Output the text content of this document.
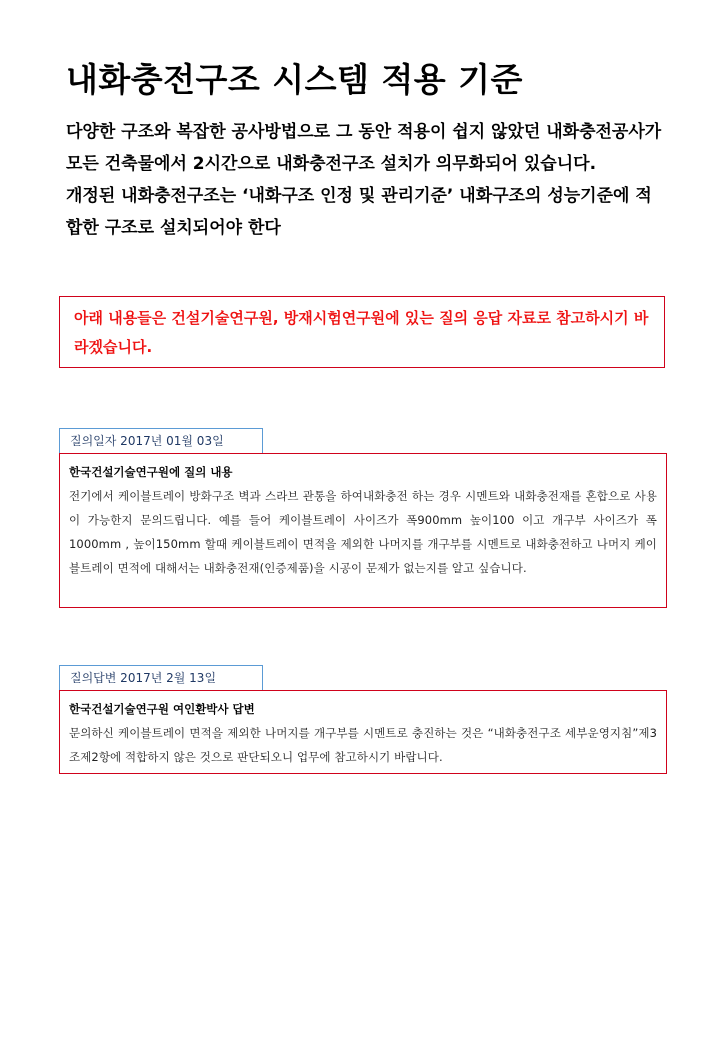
내화충전구조 시스템 적용 기준

다양한 구조와 복잡한 공사방법으로 그 동안 적용이 쉽지 않았던 내화충전공사가 모든 건축물에서 2시간으로 내화충전구조 설치가 의무화되어 있습니다.

개정된 내화충전구조는 ‘내화구조 인정 및 관리기준’ 내화구조의 성능기준에 적합한 구조로 설치되어야 한다

아래 내용들은 건설기술연구원, 방재시험연구원에 있는 질의 응답 자료로 참고하시기 바라겠습니다.

질의일자 2017년 01월 03일

한국건설기술연구원에 질의 내용

전기에서 케이블트레이 방화구조 벽과 스라브 관통을 하여내화충전 하는 경우 시멘트와 내화충전재를 혼합으로 사용이 가능한지 문의드립니다. 예를 들어 케이블트레이 사이즈가 폭900mm 높이100 이고 개구부 사이즈가 폭1000mm , 높이150mm 할때 케이블트레이 면적을 제외한 나머지를 개구부를 시멘트로 내화충전하고 나머지 케이블트레이 면적에 대해서는 내화충전재(인증제품)을 시공이 문제가 없는지를 알고 싶습니다.

질의답변 2017년 2월 13일

한국건설기술연구원 여인환박사 답변

문의하신 케이블트레이 면적을 제외한 나머지를 개구부를 시멘트로 충진하는 것은 “내화충전구조 세부운영지침”제3조제2항에 적합하지 않은 것으로 판단되오니 업무에 참고하시기 바랍니다.
